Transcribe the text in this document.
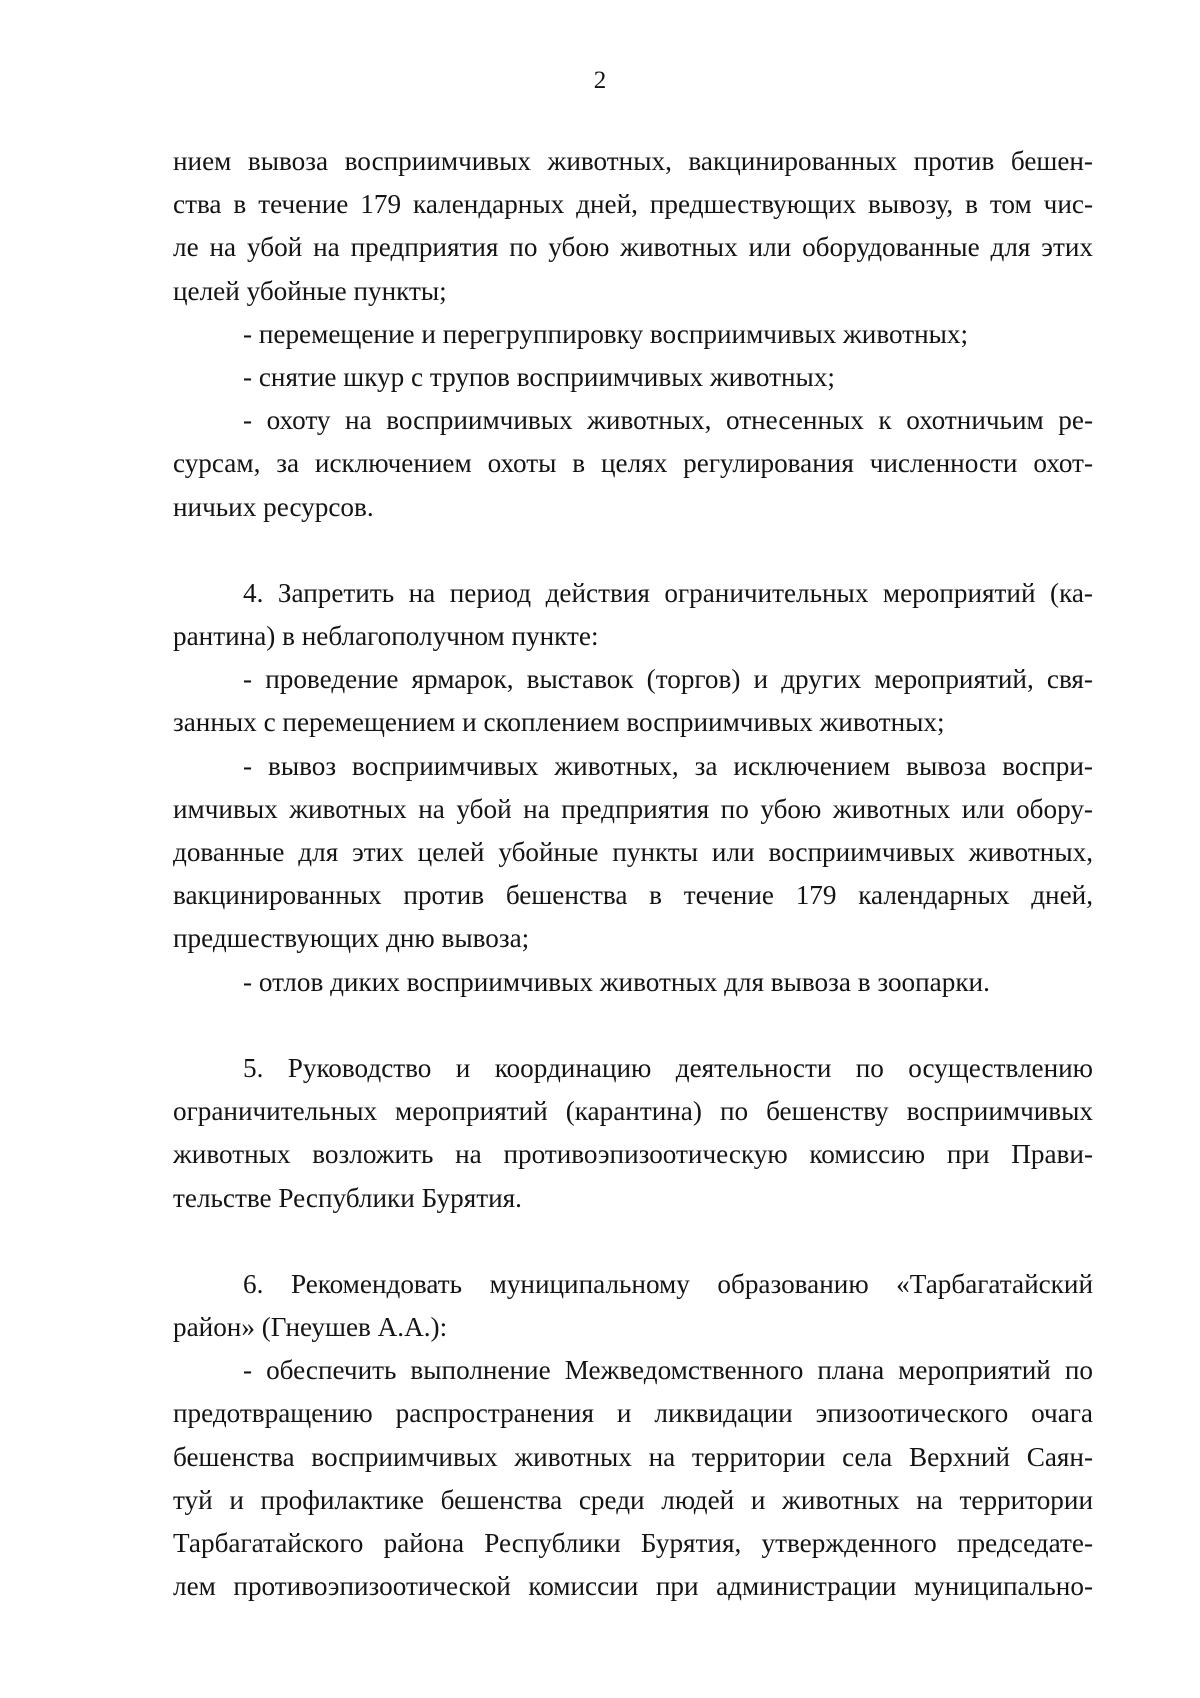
2
нием вывоза восприимчивых животных, вакцинированных против бешен-
ства в течение 179 календарных дней, предшествующих вывозу, в том чис-
ле на убой на предприятия по убою животных или оборудованные для этих
целей убойные пункты;
- перемещение и перегруппировку восприимчивых животных;
- снятие шкур с трупов восприимчивых животных;
- охоту на восприимчивых животных, отнесенных к охотничьим ре-
сурсам, за исключением охоты в целях регулирования численности охот-
ничьих ресурсов.
4. Запретить на период действия ограничительных мероприятий (ка-
рантина) в неблагополучном пункте:
- проведение ярмарок, выставок (торгов) и других мероприятий, свя-
занных с перемещением и скоплением восприимчивых животных;
- вывоз восприимчивых животных, за исключением вывоза воспри-
имчивых животных на убой на предприятия по убою животных или обору-
дованные для этих целей убойные пункты или восприимчивых животных,
вакцинированных против бешенства в течение 179 календарных дней,
предшествующих дню вывоза;
- отлов диких восприимчивых животных для вывоза в зоопарки.
5. Руководство и координацию деятельности по осуществлению
ограничительных мероприятий (карантина) по бешенству восприимчивых
животных возложить на противоэпизоотическую комиссию при Прави-
тельстве Республики Бурятия.
6. Рекомендовать муниципальному образованию «Тарбагатайский
район» (Гнеушев А.А.):
- обеспечить выполнение Межведомственного плана мероприятий по
предотвращению распространения и ликвидации эпизоотического очага
бешенства восприимчивых животных на территории села Верхний Саян-
туй и профилактике бешенства среди людей и животных на территории
Тарбагатайского района Республики Бурятия, утвержденного председате-
лем противоэпизоотической комиссии при администрации муниципально-
